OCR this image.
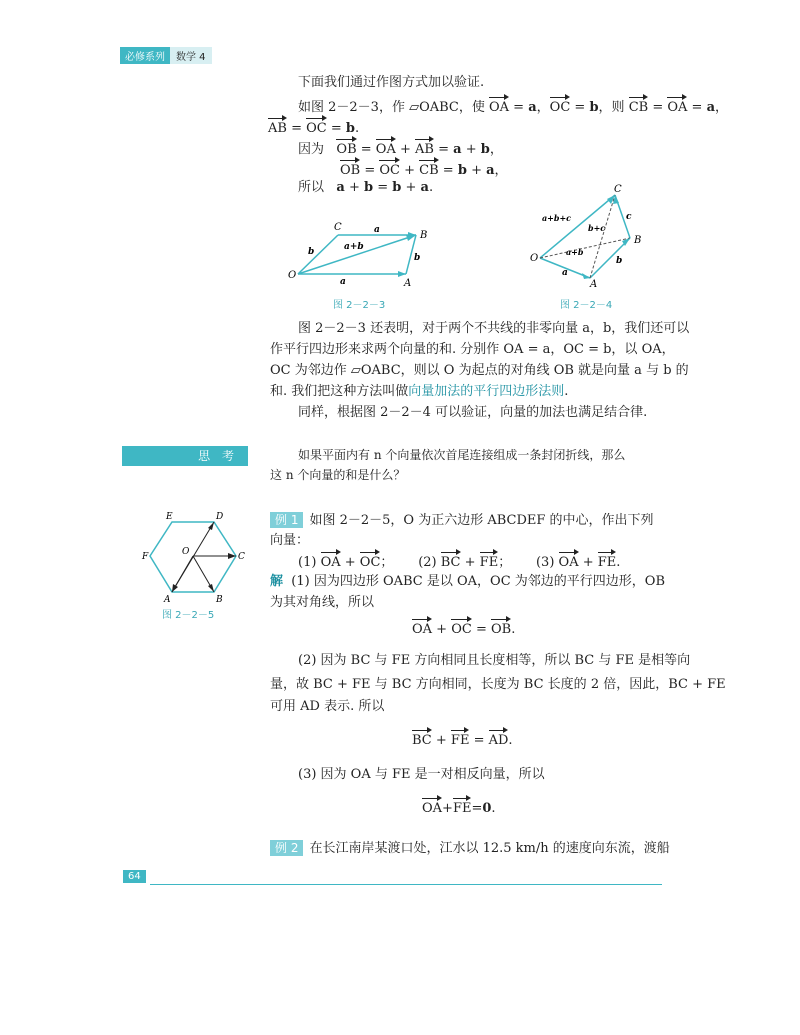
必修系列	数学 4
下面我们通过作图方式加以验证.
如图 2－2－3，作 ▱OABC，使 OA = a，OC = b，则 CB = OA = a，
AB = OC = b.
因为   OB = OA + AB = a + b，
OB = OC + CB = b + a，
所以   a + b = b + a.
O
A
B
C	a
a
b
b
a+b
图 2－2－3
O
A
B
C
a
b
c
a+b
b+c
a+b+c
图 2－2－4
图 2－2－3 还表明，对于两个不共线的非零向量 a，b，我们还可以
作平行四边形来求两个向量的和. 分别作 OA = a，OC = b，以 OA，
OC 为邻边作 ▱OABC，则以 O 为起点的对角线 OB 就是向量 a 与 b 的
和. 我们把这种方法叫做向量加法的平行四边形法则.
同样，根据图 2－2－4 可以验证，向量的加法也满足结合律.
思 考	如果平面内有 n 个向量依次首尾连接组成一条封闭折线，那么
这 n 个向量的和是什么？
E	D
F	O	C
A	B
图 2－2－5
例 1 如图 2－2－5，O 为正六边形 ABCDEF 的中心，作出下列
向量：
(1) OA + OC；      (2) BC + FE；      (3) OA + FE.
解 (1) 因为四边形 OABC 是以 OA，OC 为邻边的平行四边形，OB
为其对角线，所以
OA + OC = OB.
(2) 因为 BC 与 FE 方向相同且长度相等，所以 BC 与 FE 是相等向
量，故 BC + FE 与 BC 方向相同，长度为 BC 长度的 2 倍，因此，BC + FE
可用 AD 表示. 所以
BC + FE = AD.
(3) 因为 OA 与 FE 是一对相反向量，所以
OA+FE=0.
例 2 在长江南岸某渡口处，江水以 12.5 km/h 的速度向东流，渡船
64
